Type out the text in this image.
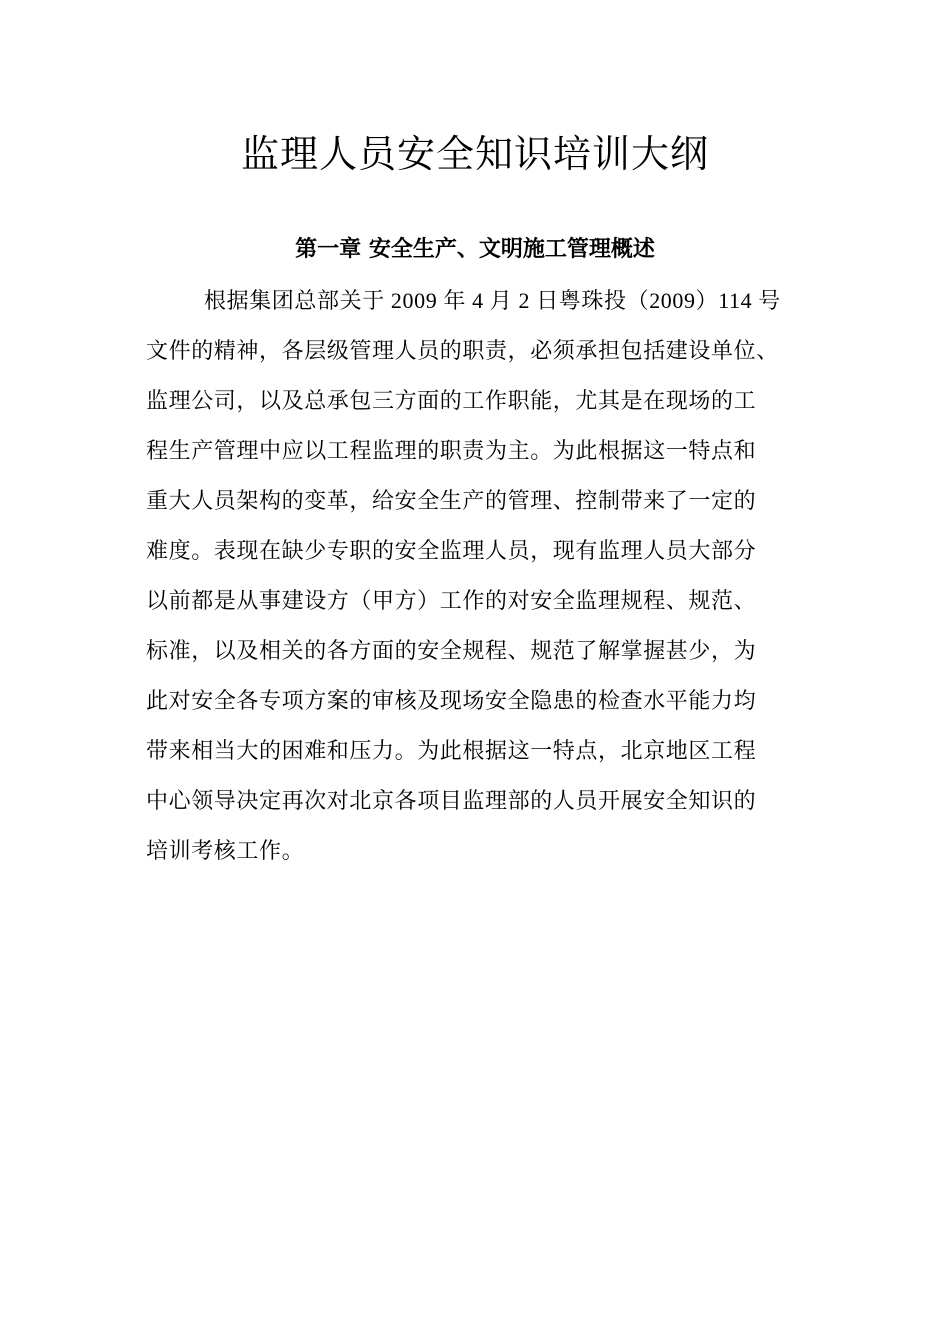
监理人员安全知识培训大纲
第一章 安全生产、文明施工管理概述
根据集团总部关于 2009 年 4 月 2 日粤珠投（2009）114 号
文件的精神，各层级管理人员的职责，必须承担包括建设单位、
监理公司，以及总承包三方面的工作职能，尤其是在现场的工
程生产管理中应以工程监理的职责为主。为此根据这一特点和
重大人员架构的变革，给安全生产的管理、控制带来了一定的
难度。表现在缺少专职的安全监理人员，现有监理人员大部分
以前都是从事建设方（甲方）工作的对安全监理规程、规范、
标准，以及相关的各方面的安全规程、规范了解掌握甚少，为
此对安全各专项方案的审核及现场安全隐患的检查水平能力均
带来相当大的困难和压力。为此根据这一特点，北京地区工程
中心领导决定再次对北京各项目监理部的人员开展安全知识的
培训考核工作。
